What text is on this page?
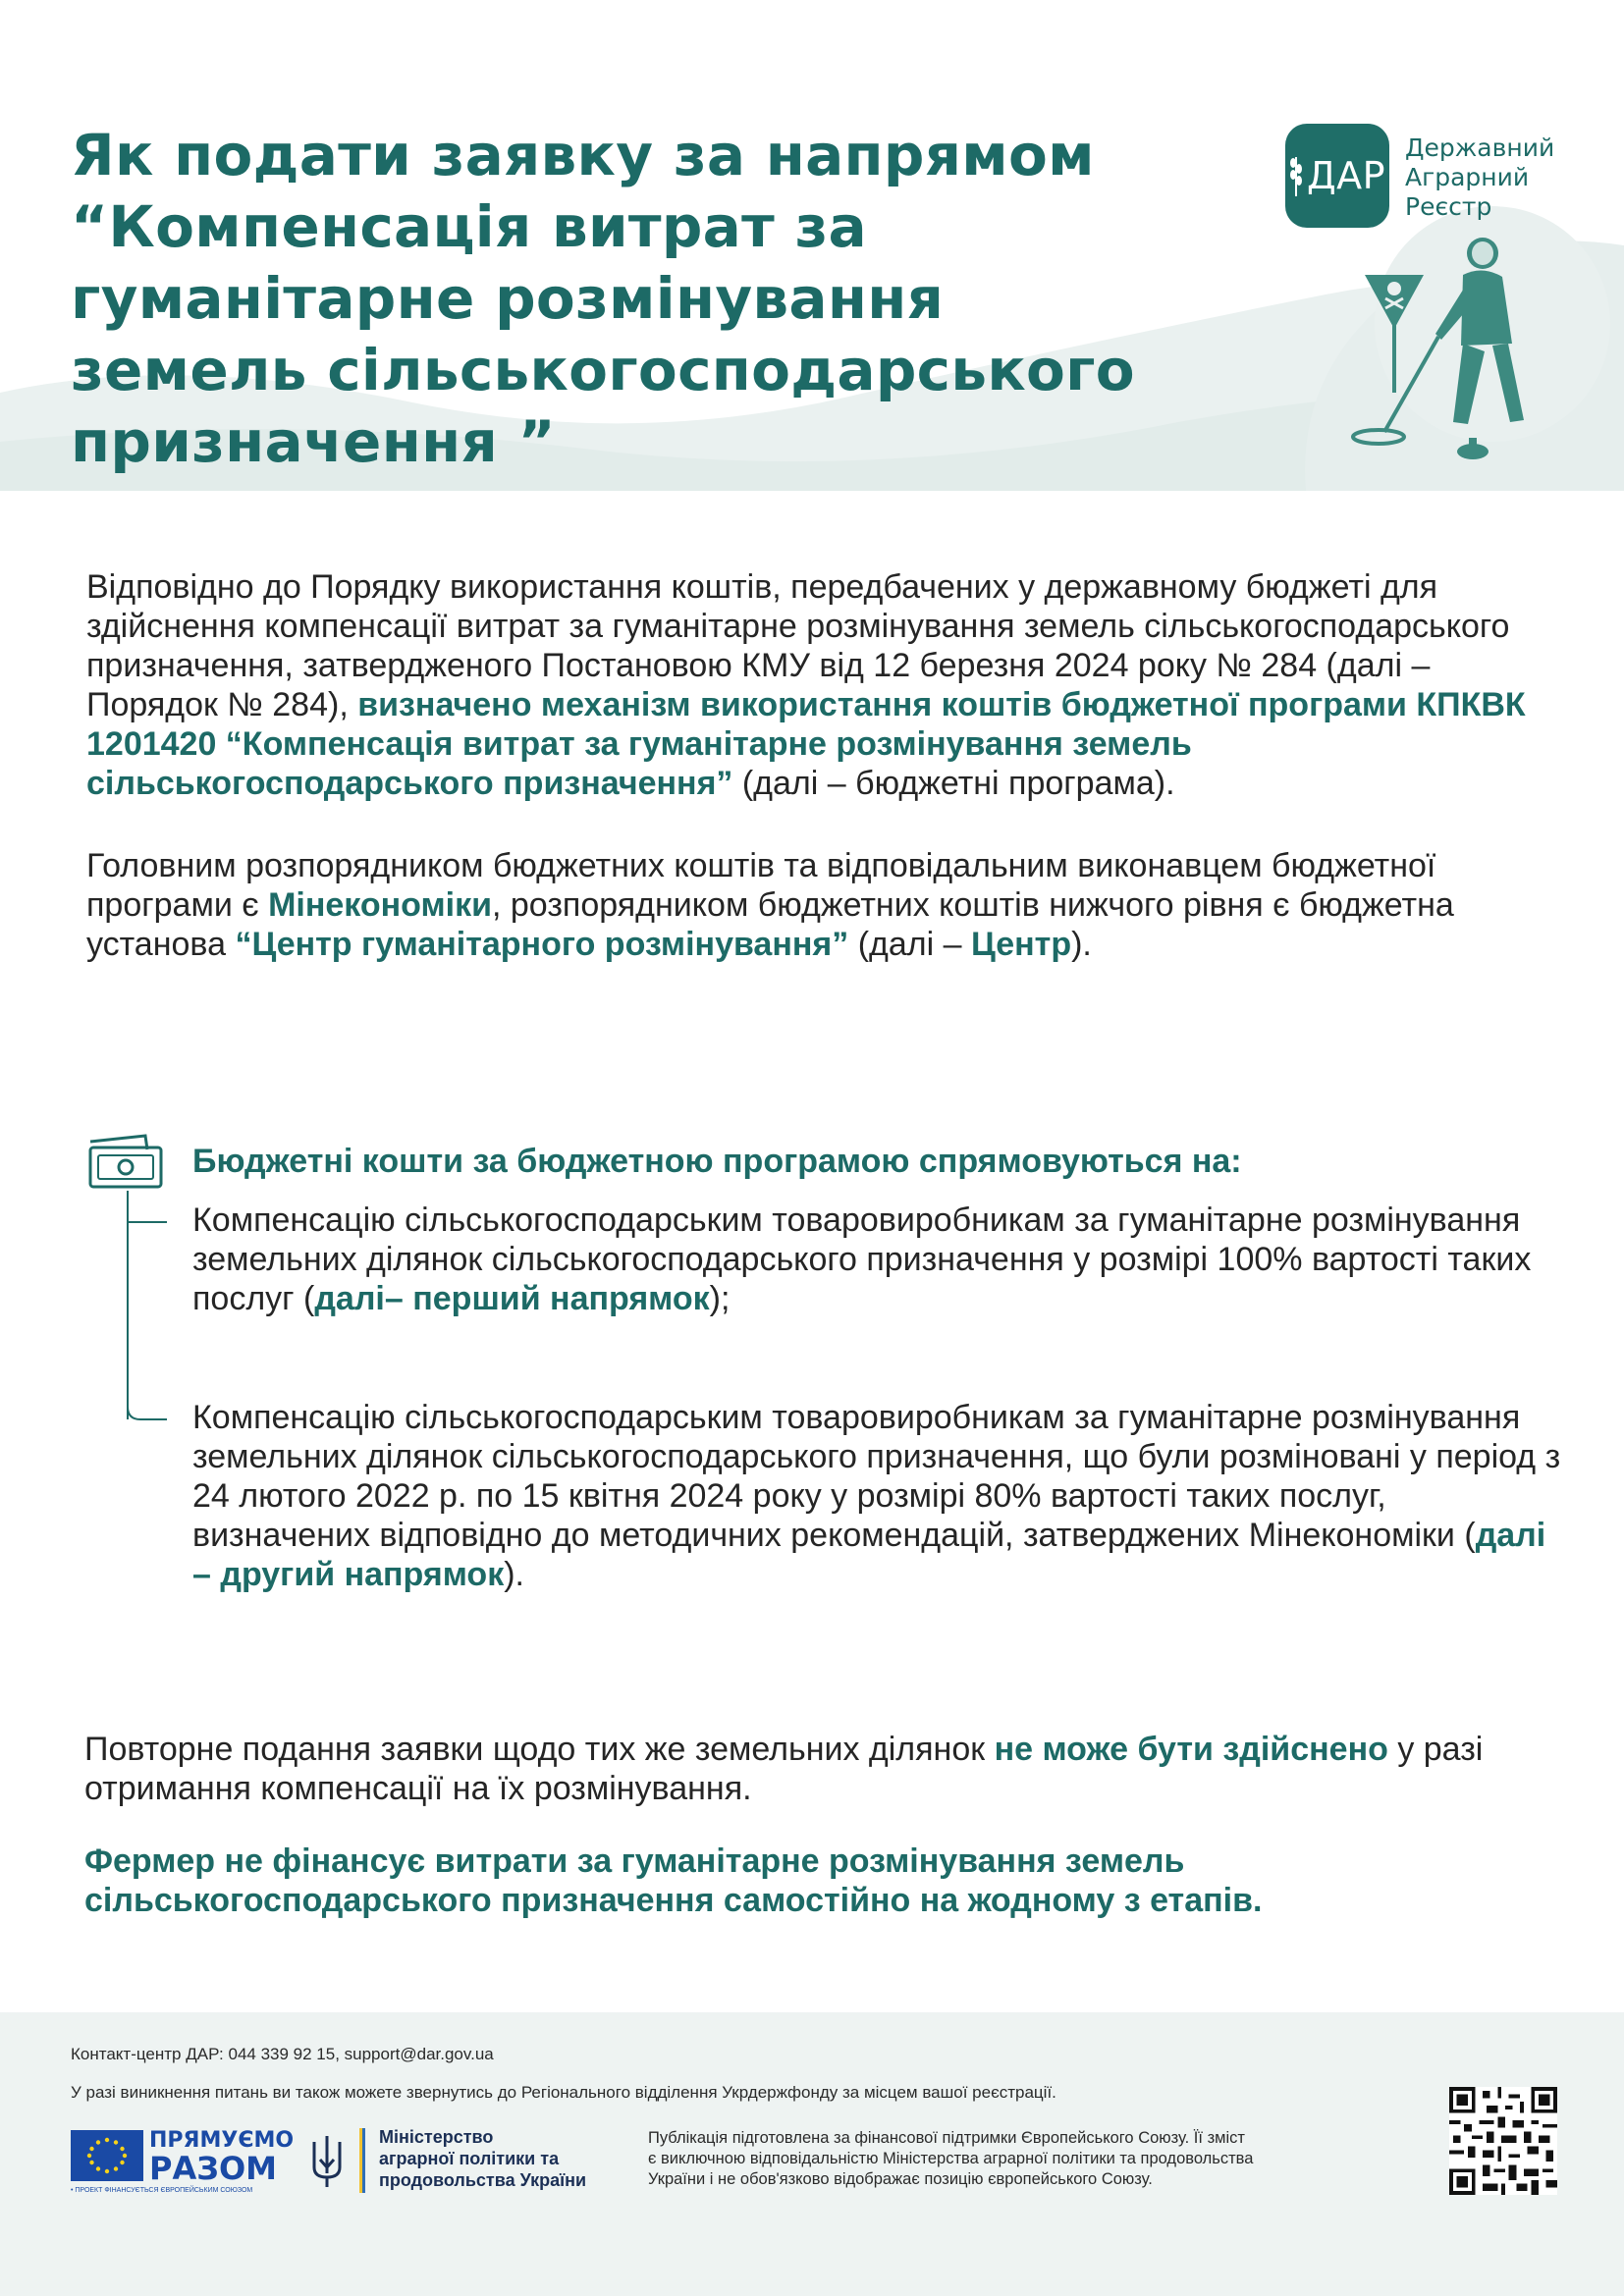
Як подати заявку за напрямом
“Компенсація витрат за
гуманітарне розмінування
земель сільськогосподарського
призначення ”
ДАР
Державний
Аграрний
Реєстр

Відповідно до Порядку використання коштів, передбачених у державному бюджеті для здійснення компенсації витрат за гуманітарне розмінування земель сільськогосподарського призначення, затвердженого Постановою КМУ від 12 березня 2024 року № 284 (далі – Порядок № 284), визначено механізм використання коштів бюджетної програми КПКВК 1201420 “Компенсація витрат за гуманітарне розмінування земель сільськогосподарського призначення” (далі – бюджетні програма).

Головним розпорядником бюджетних коштів та відповідальним виконавцем бюджетної програми є Мінекономіки, розпорядником бюджетних коштів нижчого рівня є бюджетна установа “Центр гуманітарного розмінування” (далі – Центр).

Бюджетні кошти за бюджетною програмою спрямовуються на:

Компенсацію сільськогосподарським товаровиробникам за гуманітарне розмінування земельних ділянок сільськогосподарського призначення у розмірі 100% вартості таких послуг (далі– перший напрямок);

Компенсацію сільськогосподарським товаровиробникам за гуманітарне розмінування земельних ділянок сільськогосподарського призначення, що були розміновані у період з 24 лютого 2022 р. по 15 квітня 2024 року у розмірі 80% вартості таких послуг, визначених відповідно до методичних рекомендацій, затверджених Мінекономіки (далі – другий напрямок).

Повторне подання заявки щодо тих же земельних ділянок не може бути здійснено у разі отримання компенсації на їх розмінування.

Фермер не фінансує витрати за гуманітарне розмінування земель сільськогосподарського призначення самостійно на жодному з етапів.

Контакт-центр ДАР: 044 339 92 15, support@dar.gov.ua
У разі виникнення питань ви також можете звернутись до Регіонального відділення Укрдержфонду за місцем вашої реєстрації.
ПРЯМУЄМО
РАЗОМ
• ПРОЕКТ ФІНАНСУЄТЬСЯ ЄВРОПЕЙСЬКИМ СОЮЗОМ
Міністерство
аграрної політики та
продовольства України
Публікація підготовлена за фінансової підтримки Європейського Союзу. Її зміст
є виключною відповідальністю Міністерства аграрної політики та продовольства
України і не обов'язково відображає позицію європейського Союзу.
